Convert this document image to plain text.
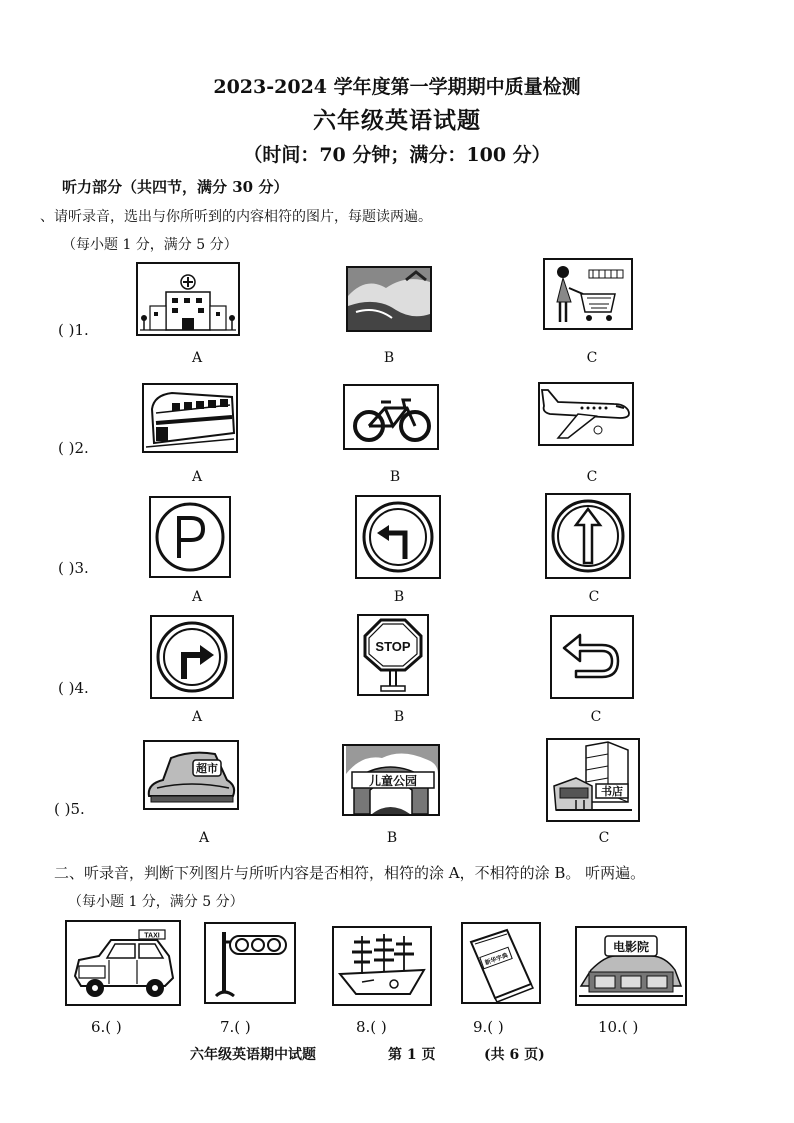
2023-2024 学年度第一学期期中质量检测
六年级英语试题
（时间：70 分钟；满分：100 分）
听力部分（共四节，满分 30 分）
、请听录音，选出与你所听到的内容相符的图片，每题读两遍。
（每小题 1 分，满分 5 分）
( )1.
A	B	C
( )2.
A	B	C
( )3.
A	B	C
( )4.
STOP
A	B	C
( )5.
超市
儿童公园
书店
A	B	C
二、听录音，判断下列图片与所听内容是否相符，相符的涂 A，不相符的涂 B。 听两遍。
（每小题 1 分，满分 5 分）
TAXI
新华字典
电影院
6.( )	7.( )	8.( )	9.( )	10.( )
六年级英语期中试题	第 1 页	(共 6 页)
